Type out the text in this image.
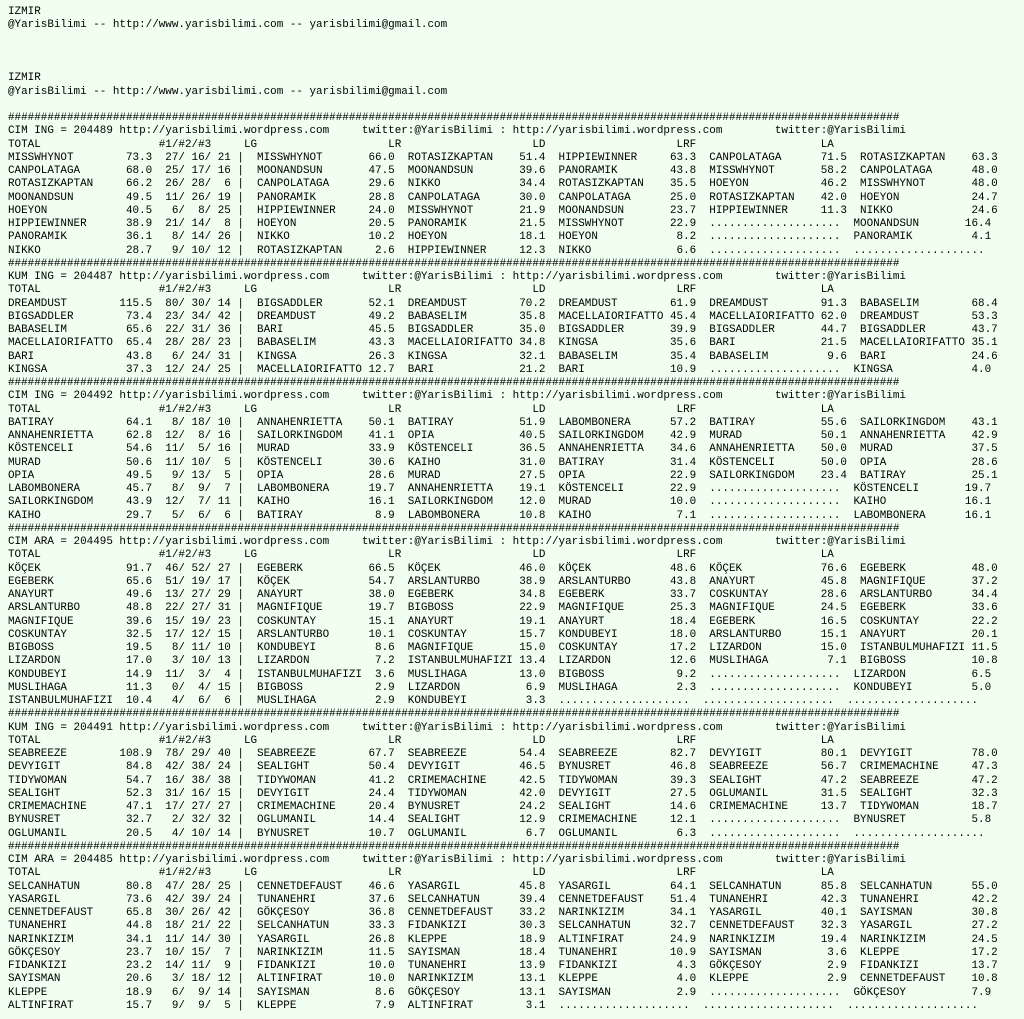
IZMIR
@YarisBilimi -- http://www.yarisbilimi.com -- yarisbilimi@gmail.com
IZMIR
@YarisBilimi -- http://www.yarisbilimi.com -- yarisbilimi@gmail.com
########################################################################################################################################
CIM ING = 204489 http://yarisbilimi.wordpress.com     twitter:@YarisBilimi : http://yarisbilimi.wordpress.com        twitter:@YarisBilimi
TOTAL                  #1/#2/#3     LG                    LR                    LD                    LRF                   LA
MISSWHYNOT        73.3  27/ 16/ 21 |  MISSWHYNOT       66.0  ROTASIZKAPTAN    51.4  HIPPIEWINNER     63.3  CANPOLATAGA      71.5  ROTASIZKAPTAN    63.3
CANPOLATAGA       68.0  25/ 17/ 16 |  MOONANDSUN       47.5  MOONANDSUN       39.6  PANORAMIK        43.8  MISSWHYNOT       58.2  CANPOLATAGA      48.0
ROTASIZKAPTAN     66.2  26/ 28/  6 |  CANPOLATAGA      29.6  NIKKO            34.4  ROTASIZKAPTAN    35.5  HOEYON           46.2  MISSWHYNOT       48.0
MOONANDSUN        49.5  11/ 26/ 19 |  PANORAMIK        28.8  CANPOLATAGA      30.0  CANPOLATAGA      25.0  ROTASIZKAPTAN    42.0  HOEYON           24.7
HOEYON            40.5   6/  8/ 25 |  HIPPIEWINNER     24.0  MISSWHYNOT       21.9  MOONANDSUN       23.7  HIPPIEWINNER     11.3  NIKKO            24.6
HIPPIEWINNER      38.9  21/ 14/  8 |  HOEYON           20.5  PANORAMIK        21.5  MISSWHYNOT       22.9  ....................  MOONANDSUN       16.4
PANORAMIK         36.1   8/ 14/ 26 |  NIKKO            10.2  HOEYON           18.1  HOEYON            8.2  ....................  PANORAMIK         4.1
NIKKO             28.7   9/ 10/ 12 |  ROTASIZKAPTAN     2.6  HIPPIEWINNER     12.3  NIKKO             6.6  ....................  ....................
########################################################################################################################################
KUM ING = 204487 http://yarisbilimi.wordpress.com     twitter:@YarisBilimi : http://yarisbilimi.wordpress.com        twitter:@YarisBilimi
TOTAL                  #1/#2/#3     LG                    LR                    LD                    LRF                   LA
DREAMDUST        115.5  80/ 30/ 14 |  BIGSADDLER       52.1  DREAMDUST        70.2  DREAMDUST        61.9  DREAMDUST        91.3  BABASELIM        68.4
BIGSADDLER        73.4  23/ 34/ 42 |  DREAMDUST        49.2  BABASELIM        35.8  MACELLAIORIFATTO 45.4  MACELLAIORIFATTO 62.0  DREAMDUST        53.3
BABASELIM         65.6  22/ 31/ 36 |  BARI             45.5  BIGSADDLER       35.0  BIGSADDLER       39.9  BIGSADDLER       44.7  BIGSADDLER       43.7
MACELLAIORIFATTO  65.4  28/ 28/ 23 |  BABASELIM        43.3  MACELLAIORIFATTO 34.8  KINGSA           35.6  BARI             21.5  MACELLAIORIFATTO 35.1
BARI              43.8   6/ 24/ 31 |  KINGSA           26.3  KINGSA           32.1  BABASELIM        35.4  BABASELIM         9.6  BARI             24.6
KINGSA            37.3  12/ 24/ 25 |  MACELLAIORIFATTO 12.7  BARI             21.2  BARI             10.9  ....................  KINGSA            4.0
########################################################################################################################################
CIM ING = 204492 http://yarisbilimi.wordpress.com     twitter:@YarisBilimi : http://yarisbilimi.wordpress.com        twitter:@YarisBilimi
TOTAL                  #1/#2/#3     LG                    LR                    LD                    LRF                   LA
BATIRAY           64.1   8/ 18/ 10 |  ANNAHENRIETTA    50.1  BATIRAY          51.9  LABOMBONERA      57.2  BATIRAY          55.6  SAILORKINGDOM    43.1
ANNAHENRIETTA     62.8  12/  8/ 16 |  SAILORKINGDOM    41.1  OPIA             40.5  SAILORKINGDOM    42.9  MURAD            50.1  ANNAHENRIETTA    42.9
KÖSTENCELI        54.6  11/  5/ 16 |  MURAD            33.9  KÖSTENCELI       36.5  ANNAHENRIETTA    34.6  ANNAHENRIETTA    50.0  MURAD            37.5
MURAD             50.6  11/ 10/  5 |  KÖSTENCELI       30.6  KAIHO            31.0  BATIRAY          31.4  KÖSTENCELI       50.0  OPIA             28.6
OPIA              49.5   9/ 13/  5 |  OPIA             28.6  MURAD            27.5  OPIA             22.9  SAILORKINGDOM    23.4  BATIRAY          25.1
LABOMBONERA       45.7   8/  9/  7 |  LABOMBONERA      19.7  ANNAHENRIETTA    19.1  KÖSTENCELI       22.9  ....................  KÖSTENCELI       19.7
SAILORKINGDOM     43.9  12/  7/ 11 |  KAIHO            16.1  SAILORKINGDOM    12.0  MURAD            10.0  ....................  KAIHO            16.1
KAIHO             29.7   5/  6/  6 |  BATIRAY           8.9  LABOMBONERA      10.8  KAIHO             7.1  ....................  LABOMBONERA      16.1
########################################################################################################################################
CIM ARA = 204495 http://yarisbilimi.wordpress.com     twitter:@YarisBilimi : http://yarisbilimi.wordpress.com        twitter:@YarisBilimi
TOTAL                  #1/#2/#3     LG                    LR                    LD                    LRF                   LA
KÖÇEK             91.7  46/ 52/ 27 |  EGEBERK          66.5  KÖÇEK            46.0  KÖÇEK            48.6  KÖÇEK            76.6  EGEBERK          48.0
EGEBERK           65.6  51/ 19/ 17 |  KÖÇEK            54.7  ARSLANTURBO      38.9  ARSLANTURBO      43.8  ANAYURT          45.8  MAGNIFIQUE       37.2
ANAYURT           49.6  13/ 27/ 29 |  ANAYURT          38.0  EGEBERK          34.8  EGEBERK          33.7  COSKUNTAY        28.6  ARSLANTURBO      34.4
ARSLANTURBO       48.8  22/ 27/ 31 |  MAGNIFIQUE       19.7  BIGBOSS          22.9  MAGNIFIQUE       25.3  MAGNIFIQUE       24.5  EGEBERK          33.6
MAGNIFIQUE        39.6  15/ 19/ 23 |  COSKUNTAY        15.1  ANAYURT          19.1  ANAYURT          18.4  EGEBERK          16.5  COSKUNTAY        22.2
COSKUNTAY         32.5  17/ 12/ 15 |  ARSLANTURBO      10.1  COSKUNTAY        15.7  KONDUBEYI        18.0  ARSLANTURBO      15.1  ANAYURT          20.1
BIGBOSS           19.5   8/ 11/ 10 |  KONDUBEYI         8.6  MAGNIFIQUE       15.0  COSKUNTAY        17.2  LIZARDON         15.0  ISTANBULMUHAFIZI 11.5
LIZARDON          17.0   3/ 10/ 13 |  LIZARDON          7.2  ISTANBULMUHAFIZI 13.4  LIZARDON         12.6  MUSLIHAGA         7.1  BIGBOSS          10.8
KONDUBEYI         14.9  11/  3/  4 |  ISTANBULMUHAFIZI  3.6  MUSLIHAGA        13.0  BIGBOSS           9.2  ....................  LIZARDON          6.5
MUSLIHAGA         11.3   0/  4/ 15 |  BIGBOSS           2.9  LIZARDON          6.9  MUSLIHAGA         2.3  ....................  KONDUBEYI         5.0
ISTANBULMUHAFIZI  10.4   4/  6/  6 |  MUSLIHAGA         2.9  KONDUBEYI         3.3  ....................  ....................  ....................
########################################################################################################################################
KUM ING = 204491 http://yarisbilimi.wordpress.com     twitter:@YarisBilimi : http://yarisbilimi.wordpress.com        twitter:@YarisBilimi
TOTAL                  #1/#2/#3     LG                    LR                    LD                    LRF                   LA
SEABREEZE        108.9  78/ 29/ 40 |  SEABREEZE        67.7  SEABREEZE        54.4  SEABREEZE        82.7  DEVYIGIT         80.1  DEVYIGIT         78.0
DEVYIGIT          84.8  42/ 38/ 24 |  SEALIGHT         50.4  DEVYIGIT         46.5  BYNUSRET         46.8  SEABREEZE        56.7  CRIMEMACHINE     47.3
TIDYWOMAN         54.7  16/ 38/ 38 |  TIDYWOMAN        41.2  CRIMEMACHINE     42.5  TIDYWOMAN        39.3  SEALIGHT         47.2  SEABREEZE        47.2
SEALIGHT          52.3  31/ 16/ 15 |  DEVYIGIT         24.4  TIDYWOMAN        42.0  DEVYIGIT         27.5  OGLUMANIL        31.5  SEALIGHT         32.3
CRIMEMACHINE      47.1  17/ 27/ 27 |  CRIMEMACHINE     20.4  BYNUSRET         24.2  SEALIGHT         14.6  CRIMEMACHINE     13.7  TIDYWOMAN        18.7
BYNUSRET          32.7   2/ 32/ 32 |  OGLUMANIL        14.4  SEALIGHT         12.9  CRIMEMACHINE     12.1  ....................  BYNUSRET          5.8
OGLUMANIL         20.5   4/ 10/ 14 |  BYNUSRET         10.7  OGLUMANIL         6.7  OGLUMANIL         6.3  ....................  ....................
########################################################################################################################################
CIM ARA = 204485 http://yarisbilimi.wordpress.com     twitter:@YarisBilimi : http://yarisbilimi.wordpress.com        twitter:@YarisBilimi
TOTAL                  #1/#2/#3     LG                    LR                    LD                    LRF                   LA
SELCANHATUN       80.8  47/ 28/ 25 |  CENNETDEFAUST    46.6  YASARGIL         45.8  YASARGIL         64.1  SELCANHATUN      85.8  SELCANHATUN      55.0
YASARGIL          73.6  42/ 39/ 24 |  TUNANEHRI        37.6  SELCANHATUN      39.4  CENNETDEFAUST    51.4  TUNANEHRI        42.3  TUNANEHRI        42.2
CENNETDEFAUST     65.8  30/ 26/ 42 |  GÖKÇESOY         36.8  CENNETDEFAUST    33.2  NARINKIZIM       34.1  YASARGIL         40.1  SAYISMAN         30.8
TUNANEHRI         44.8  18/ 21/ 22 |  SELCANHATUN      33.3  FIDANKIZI        30.3  SELCANHATUN      32.7  CENNETDEFAUST    32.3  YASARGIL         27.2
NARINKIZIM        34.1  11/ 14/ 30 |  YASARGIL         26.8  KLEPPE           18.9  ALTINFIRAT       24.9  NARINKIZIM       19.4  NARINKIZIM       24.5
GÖKÇESOY          23.7  10/ 15/  7 |  NARINKIZIM       11.5  SAYISMAN         18.4  TUNANEHRI        10.9  SAYISMAN          3.6  KLEPPE           17.2
FIDANKIZI         23.2  14/ 11/  9 |  FIDANKIZI        10.0  TUNANEHRI        13.9  FIDANKIZI         4.3  GÖKÇESOY          2.9  FIDANKIZI        13.7
SAYISMAN          20.6   3/ 18/ 12 |  ALTINFIRAT       10.0  NARINKIZIM       13.1  KLEPPE            4.0  KLEPPE            2.9  CENNETDEFAUST    10.8
KLEPPE            18.9   6/  9/ 14 |  SAYISMAN          8.6  GÖKÇESOY         13.1  SAYISMAN          2.9  ....................  GÖKÇESOY          7.9
ALTINFIRAT        15.7   9/  9/  5 |  KLEPPE            7.9  ALTINFIRAT        3.1  ....................  ....................  ....................
